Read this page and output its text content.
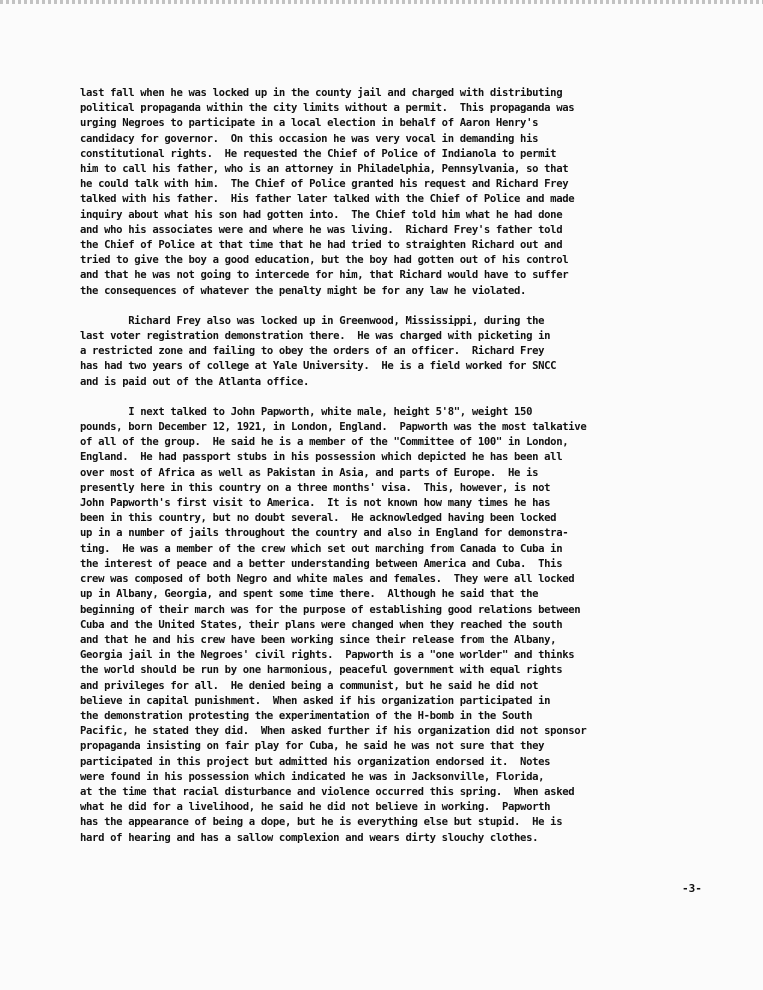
last fall when he was locked up in the county jail and charged with distributing
political propaganda within the city limits without a permit.  This propaganda was
urging Negroes to participate in a local election in behalf of Aaron Henry's
candidacy for governor.  On this occasion he was very vocal in demanding his
constitutional rights.  He requested the Chief of Police of Indianola to permit
him to call his father, who is an attorney in Philadelphia, Pennsylvania, so that
he could talk with him.  The Chief of Police granted his request and Richard Frey
talked with his father.  His father later talked with the Chief of Police and made
inquiry about what his son had gotten into.  The Chief told him what he had done
and who his associates were and where he was living.  Richard Frey's father told
the Chief of Police at that time that he had tried to straighten Richard out and
tried to give the boy a good education, but the boy had gotten out of his control
and that he was not going to intercede for him, that Richard would have to suffer
the consequences of whatever the penalty might be for any law he violated.
Richard Frey also was locked up in Greenwood, Mississippi, during the
last voter registration demonstration there.  He was charged with picketing in
a restricted zone and failing to obey the orders of an officer.  Richard Frey
has had two years of college at Yale University.  He is a field worked for SNCC
and is paid out of the Atlanta office.
I next talked to John Papworth, white male, height 5'8", weight 150
pounds, born December 12, 1921, in London, England.  Papworth was the most talkative
of all of the group.  He said he is a member of the "Committee of 100" in London,
England.  He had passport stubs in his possession which depicted he has been all
over most of Africa as well as Pakistan in Asia, and parts of Europe.  He is
presently here in this country on a three months' visa.  This, however, is not
John Papworth's first visit to America.  It is not known how many times he has
been in this country, but no doubt several.  He acknowledged having been locked
up in a number of jails throughout the country and also in England for demonstra-
ting.  He was a member of the crew which set out marching from Canada to Cuba in
the interest of peace and a better understanding between America and Cuba.  This
crew was composed of both Negro and white males and females.  They were all locked
up in Albany, Georgia, and spent some time there.  Although he said that the
beginning of their march was for the purpose of establishing good relations between
Cuba and the United States, their plans were changed when they reached the south
and that he and his crew have been working since their release from the Albany,
Georgia jail in the Negroes' civil rights.  Papworth is a "one worlder" and thinks
the world should be run by one harmonious, peaceful government with equal rights
and privileges for all.  He denied being a communist, but he said he did not
believe in capital punishment.  When asked if his organization participated in
the demonstration protesting the experimentation of the H-bomb in the South
Pacific, he stated they did.  When asked further if his organization did not sponsor
propaganda insisting on fair play for Cuba, he said he was not sure that they
participated in this project but admitted his organization endorsed it.  Notes
were found in his possession which indicated he was in Jacksonville, Florida,
at the time that racial disturbance and violence occurred this spring.  When asked
what he did for a livelihood, he said he did not believe in working.  Papworth
has the appearance of being a dope, but he is everything else but stupid.  He is
hard of hearing and has a sallow complexion and wears dirty slouchy clothes.
-3-
